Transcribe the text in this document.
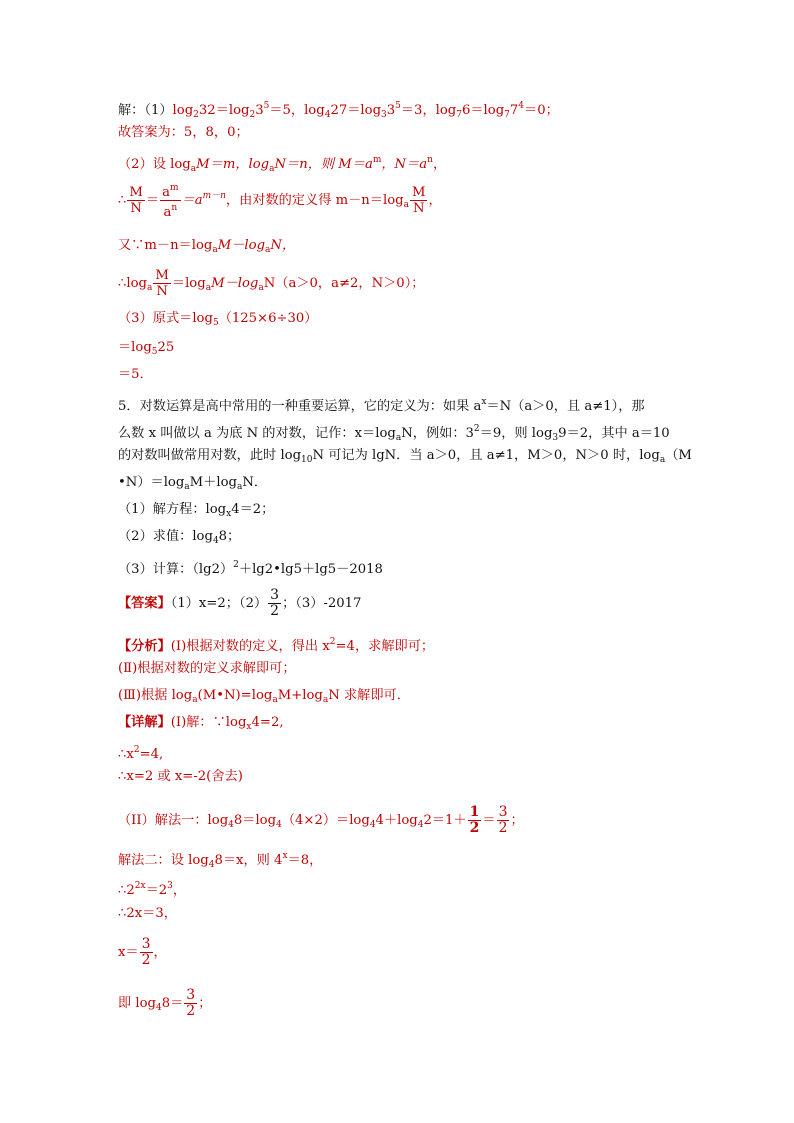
解：$(1)\log_232=\log_23^5=5$，$\log_427=\log_33^5=3$，$\log_76=\log_77^4=0$；
故答案为：5，8，0；
（2）设 $\log_aM=m$，$\log_aN=n$，则 $M=a^m$，$N=a^n$，
∴ $\frac{M}{N} = \frac{a^m}{a^n} =a^{m-n}$，由对数的定义得 $m-n=\log_a \frac{M}{N}$ ，
又$\because m-n=\log_aM-\log_aN$，
$\therefore\log_a \frac{M}{N} =\log_aM-\log_aN(a>0$，a≠2，N＞0）；
（3）原式$=\log_5(125\times 6\div 30)$
$=\log_525$
＝5．
5．对数运算是高中常用的一种重要运算，它的定义为：如果 $a^x=N(a>0$，且 a≠1），那
么数 x 叫做以 a 为底 N 的对数，记作：$x=\log_aN$，例如：$3^2=9$，则 $\log_39=2$，其中 a＝10
的对数叫做常用对数，此时 $\log_{10}N$ 可记为 lgN．当 a＞0，且 a≠1，M＞0，N＞0 时，$\log_a(M$
$•N)=\log_aM+\log_aN$．
（1）解方程：$\log_x4=2$；
（2）求值：$\log_48$；
（3）计算：$(\lg 2)^2+\lg 2•\lg 5+\lg 5-2018$
【答案】（1）x=2；$(2) \frac{3}{2}$ ；（3）-2017
【分析】(I)根据对数的定义，得出 $x^2=4$，求解即可；
(Ⅱ)根据对数的定义求解即可；
(Ⅲ)根据 $\log_a(M•N)=\log_aM+\log_aN$ 求解即可．
【详解】(I)解：$\because\log_x4=2$,
$\therefore x^2=4$,
∴x=2 或 x=-2(舍去)
（II）解法一：$\log_48=\log_4(4\times 2)=\log_44+\log_42=1+ \frac{1}{2} = \frac{3}{2}$ ；
解法二：设 $\log_48=x$，则 $4^x=8$，
$\therefore 2^{2x}=2^3$，
∴2x＝3，
$x= \frac{3}{2}$ ，
即 $\log_48= \frac{3}{2}$ ；
